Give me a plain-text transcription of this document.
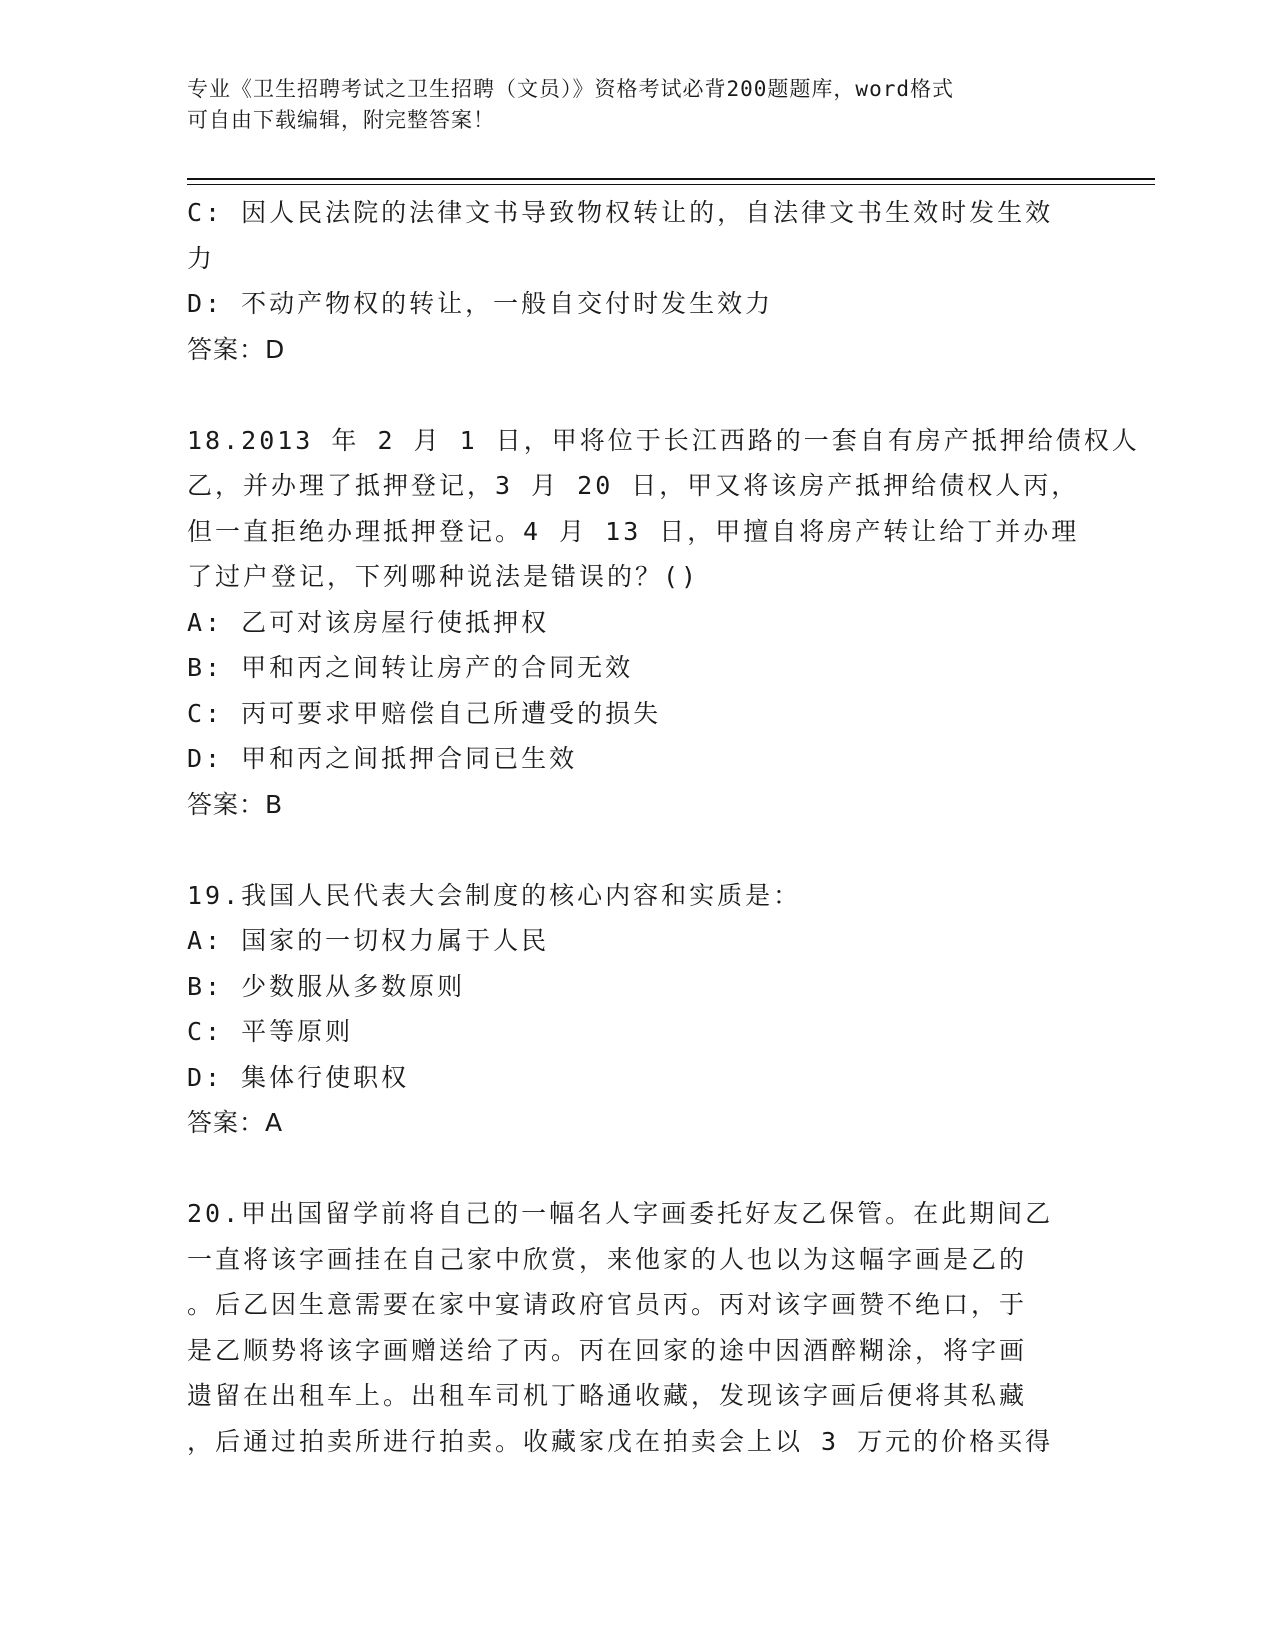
专业《卫生招聘考试之卫生招聘（文员）》资格考试必背200题题库，word格式
可自由下载编辑，附完整答案！
C: 因人民法院的法律文书导致物权转让的，自法律文书生效时发生效
力
D: 不动产物权的转让，一般自交付时发生效力
答案：D
18.2013 年 2 月 1 日，甲将位于长江西路的一套自有房产抵押给债权人
乙，并办理了抵押登记，3 月 20 日，甲又将该房产抵押给债权人丙，
但一直拒绝办理抵押登记。4 月 13 日，甲擅自将房产转让给丁并办理
了过户登记，下列哪种说法是错误的？()
A: 乙可对该房屋行使抵押权
B: 甲和丙之间转让房产的合同无效
C: 丙可要求甲赔偿自己所遭受的损失
D: 甲和丙之间抵押合同已生效
答案：B
19.我国人民代表大会制度的核心内容和实质是：
A: 国家的一切权力属于人民
B: 少数服从多数原则
C: 平等原则
D: 集体行使职权
答案：A
20.甲出国留学前将自己的一幅名人字画委托好友乙保管。在此期间乙
一直将该字画挂在自己家中欣赏，来他家的人也以为这幅字画是乙的
。后乙因生意需要在家中宴请政府官员丙。丙对该字画赞不绝口，于
是乙顺势将该字画赠送给了丙。丙在回家的途中因酒醉糊涂，将字画
遗留在出租车上。出租车司机丁略通收藏，发现该字画后便将其私藏
，后通过拍卖所进行拍卖。收藏家戊在拍卖会上以 3 万元的价格买得
